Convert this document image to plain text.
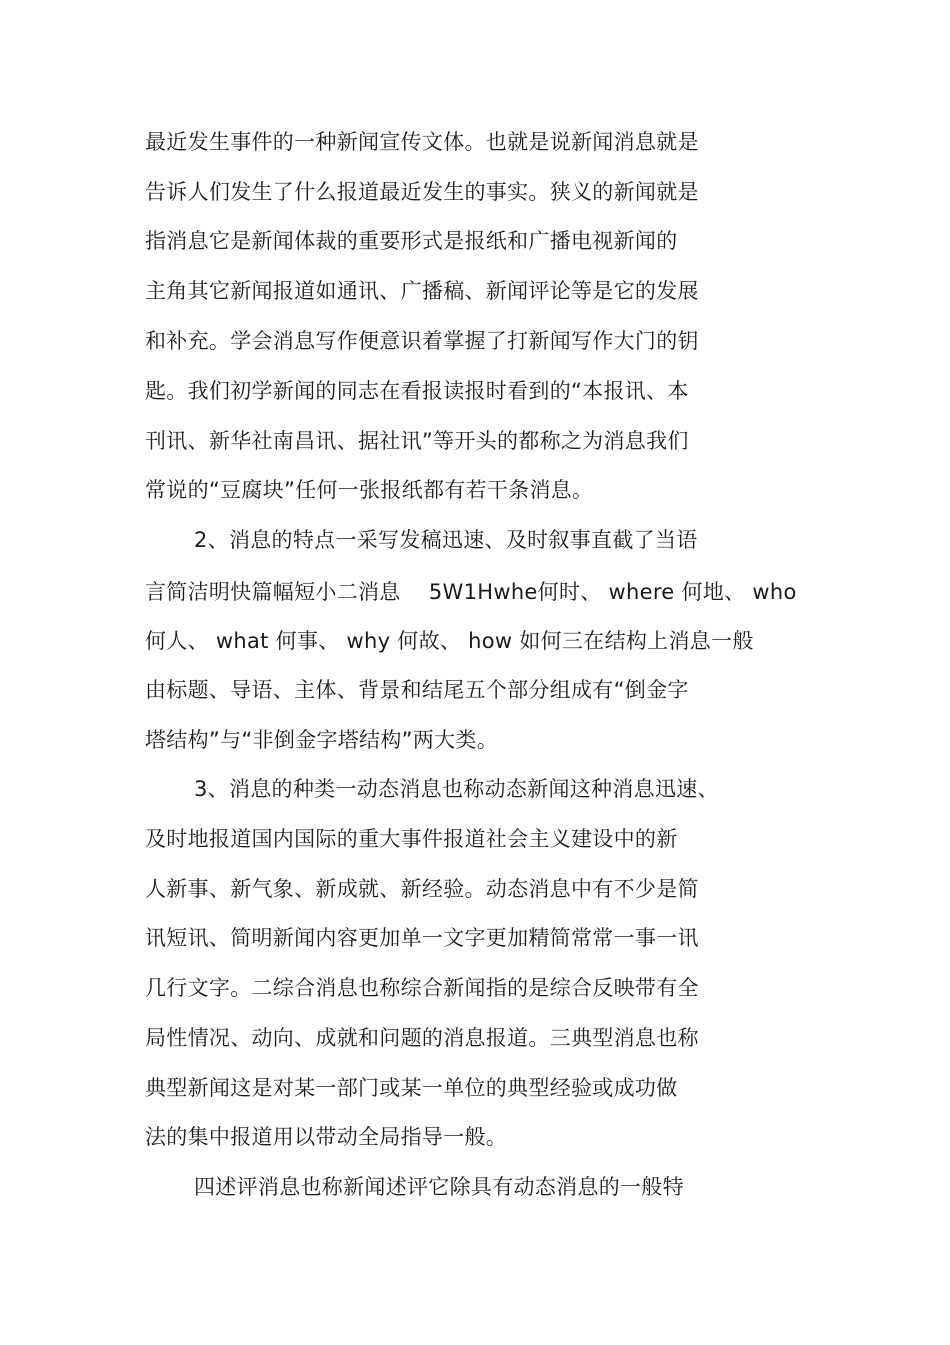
最近发生事件的一种新闻宣传文体。也就是说新闻消息就是
告诉人们发生了什么报道最近发生的事实。狭义的新闻就是
指消息它是新闻体裁的重要形式是报纸和广播电视新闻的
主角其它新闻报道如通讯、广播稿、新闻评论等是它的发展
和补充。学会消息写作便意识着掌握了打新闻写作大门的钥
匙。我们初学新闻的同志在看报读报时看到的“本报讯、本
刊讯、新华社南昌讯、据社讯”等开头的都称之为消息我们
常说的“豆腐块”任何一张报纸都有若干条消息。
2、消息的特点一采写发稿迅速、及时叙事直截了当语
言简洁明快篇幅短小二消息　 5W1Hwhe何时、 where 何地、 who
何人、 what 何事、 why 何故、 how 如何三在结构上消息一般
由标题、导语、主体、背景和结尾五个部分组成有“倒金字
塔结构”与“非倒金字塔结构”两大类。
3、消息的种类一动态消息也称动态新闻这种消息迅速、
及时地报道国内国际的重大事件报道社会主义建设中的新
人新事、新气象、新成就、新经验。动态消息中有不少是简
讯短讯、简明新闻内容更加单一文字更加精简常常一事一讯
几行文字。二综合消息也称综合新闻指的是综合反映带有全
局性情况、动向、成就和问题的消息报道。三典型消息也称
典型新闻这是对某一部门或某一单位的典型经验或成功做
法的集中报道用以带动全局指导一般。
四述评消息也称新闻述评它除具有动态消息的一般特
